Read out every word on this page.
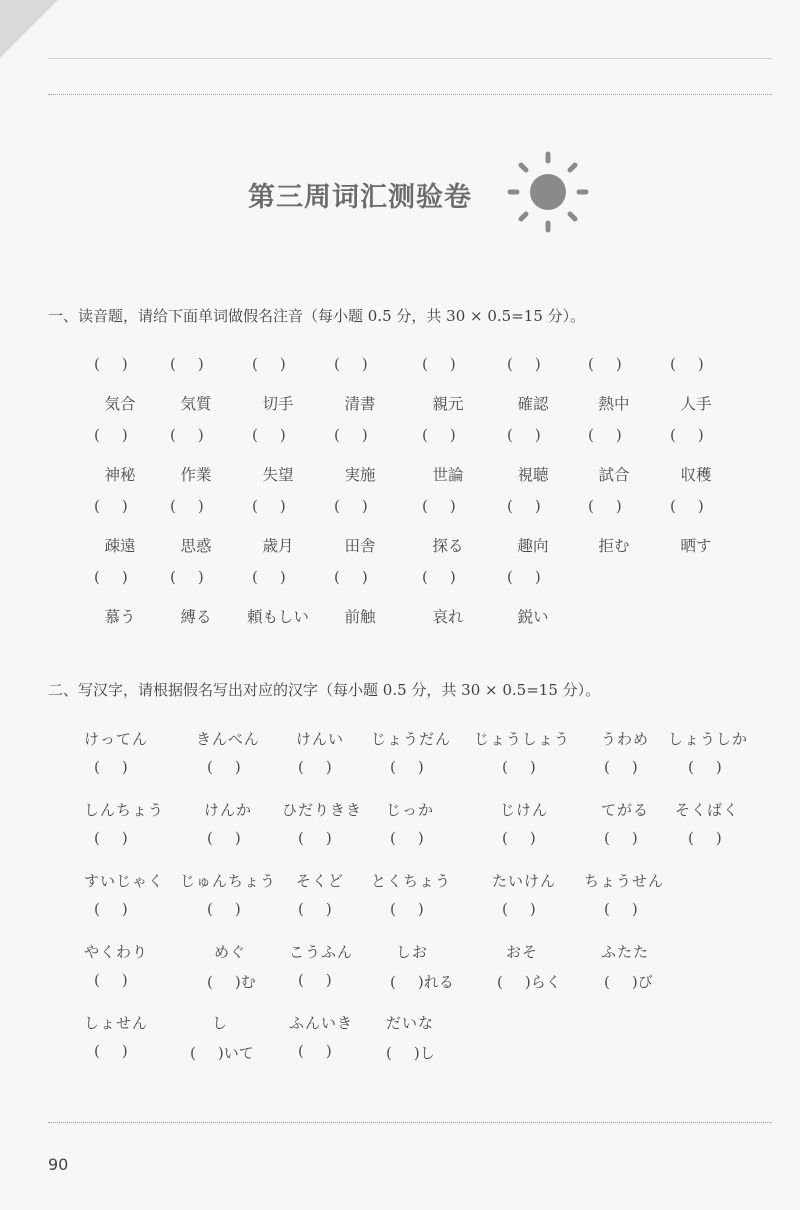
第三周词汇测验卷
一、读音题，请给下面单词做假名注音（每小题 0.5 分，共 30 × 0.5=15 分）。
( )
気合
( )
気質
( )
切手
( )
清書
( )
親元
( )
確認
( )
熱中
( )
人手
( )
神秘
( )
作業
( )
失望
( )
実施
( )
世論
( )
視聴
( )
試合
( )
収穫
( )
疎遠
( )
思惑
( )
歳月
( )
田舎
( )
探る
( )
趣向
( )
拒む
( )
晒す
( )
慕う
( )
縛る
( )
頼もしい
( )
前触
( )
哀れ
( )
鋭い
二、写汉字，请根据假名写出对应的汉字（每小题 0.5 分，共 30 × 0.5=15 分）。
けってん
( )
きんべん
( )
けんい
( )
じょうだん
( )
じょうしょう
( )
うわめ
( )
しょうしか
( )
しんちょう
( )
けんか
( )
ひだりきき
( )
じっか
( )
じけん
( )
てがる
( )
そくばく
( )
すいじゃく
( )
じゅんちょう
( )
そくど
( )
とくちょう
( )
たいけん
( )
ちょうせん
( )
やくわり
( )
めぐ
( )む
こうふん
( )
しお
( )れる
おそ
( )らく
ふたた
( )び
しょせん
( )
し
( )いて
ふんいき
( )
だいな
( )し
90
